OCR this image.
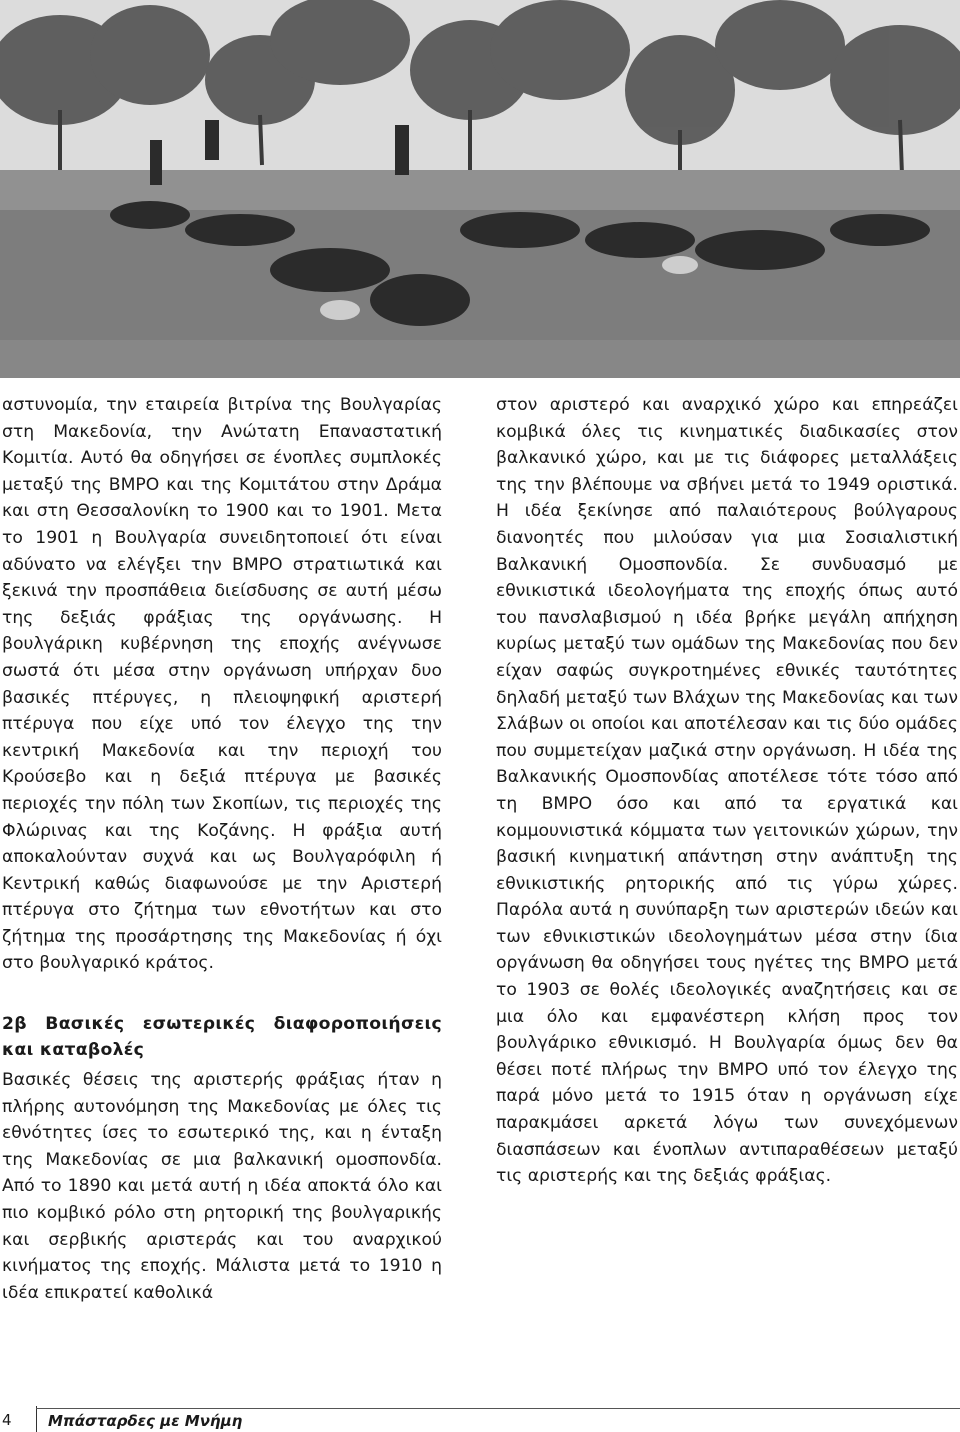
αστυνομία, την εταιρεία βιτρίνα της Βουλγαρίας στη Μακεδονία, την Ανώτατη Επαναστατική Κομιτία. Αυτό θα οδηγήσει σε ένοπλες συμπλοκές μεταξύ της ΒΜΡΟ και της Κομιτάτου στην Δράμα και στη Θεσσαλονίκη το 1900 και το 1901. Μετα το 1901 η Βουλγαρία συνειδητοποιεί ότι είναι αδύνατο να ελέγξει την ΒΜΡΟ στρατιωτικά και ξεκινά την προσπάθεια διείσδυσης σε αυτή μέσω της δεξιάς φράξιας της οργάνωσης. Η βουλγάρικη κυβέρνηση της εποχής ανέγνωσε σωστά ότι μέσα στην οργάνωση υπήρχαν δυο βασικές πτέρυγες, η πλειοψηφική αριστερή πτέρυγα που είχε υπό τον έλεγχο της την κεντρική Μακεδονία και την περιοχή του Κρούσεβο και η δεξιά πτέρυγα με βασικές περιοχές την πόλη των Σκοπίων, τις περιοχές της Φλώρινας και της Κοζάνης. Η φράξια αυτή αποκαλούνταν συχνά και ως Βουλγαρόφιλη ή Κεντρική καθώς διαφωνούσε με την Αριστερή πτέρυγα στο ζήτημα των εθνοτήτων και στο ζήτημα της προσάρτησης της Μακεδονίας ή όχι στο βουλγαρικό κράτος.

2β Βασικές εσωτερικές διαφοροποιήσεις και καταβολές

Βασικές θέσεις της αριστερής φράξιας ήταν η πλήρης αυτονόμηση της Μακεδονίας με όλες τις εθνότητες ίσες το εσωτερικό της, και η ένταξη της Μακεδονίας σε μια βαλκανική ομοσπονδία. Από το 1890 και μετά αυτή η ιδέα αποκτά όλο και πιο κομβικό ρόλο στη ρητορική της βουλγαρικής και σερβικής αριστεράς και του αναρχικού κινήματος της εποχής. Μάλιστα μετά το 1910 η ιδέα επικρατεί καθολικά

στον αριστερό και αναρχικό χώρο και επηρεάζει κομβικά όλες τις κινηματικές διαδικασίες στον βαλκανικό χώρο, και με τις διάφορες μεταλλάξεις της την βλέπουμε να σβήνει μετά το 1949 οριστικά. Η ιδέα ξεκίνησε από παλαιότερους βούλγαρους διανοητές που μιλούσαν για μια Σοσιαλιστική Βαλκανική Ομοσπονδία. Σε συνδυασμό με εθνικιστικά ιδεολογήματα της εποχής όπως αυτό του πανσλαβισμού η ιδέα βρήκε μεγάλη απήχηση κυρίως μεταξύ των ομάδων της Μακεδονίας που δεν είχαν σαφώς συγκροτημένες εθνικές ταυτότητες δηλαδή μεταξύ των Βλάχων της Μακεδονίας και των Σλάβων οι οποίοι και αποτέλεσαν και τις δύο ομάδες που συμμετείχαν μαζικά στην οργάνωση. Η ιδέα της Βαλκανικής Ομοσπονδίας αποτέλεσε τότε τόσο από τη ΒΜΡΟ όσο και από τα εργατικά και κομμουνιστικά κόμματα των γειτονικών χώρων, την βασική κινηματική απάντηση στην ανάπτυξη της εθνικιστικής ρητορικής από τις γύρω χώρες. Παρόλα αυτά η συνύπαρξη των αριστερών ιδεών και των εθνικιστικών ιδεολογημάτων μέσα στην ίδια οργάνωση θα οδηγήσει τους ηγέτες της ΒΜΡΟ μετά το 1903 σε θολές ιδεολογικές αναζητήσεις και σε μια όλο και εμφανέστερη κλήση προς τον βουλγάρικο εθνικισμό. Η Βουλγαρία όμως δεν θα θέσει ποτέ πλήρως την ΒΜΡΟ υπό τον έλεγχο της παρά μόνο μετά το 1915 όταν η οργάνωση είχε παρακμάσει αρκετά λόγω των συνεχόμενων διασπάσεων και ένοπλων αντιπαραθέσεων μεταξύ τις αριστερής και της δεξιάς φράξιας.

4 Μπάσταρδες με Μνήμη
